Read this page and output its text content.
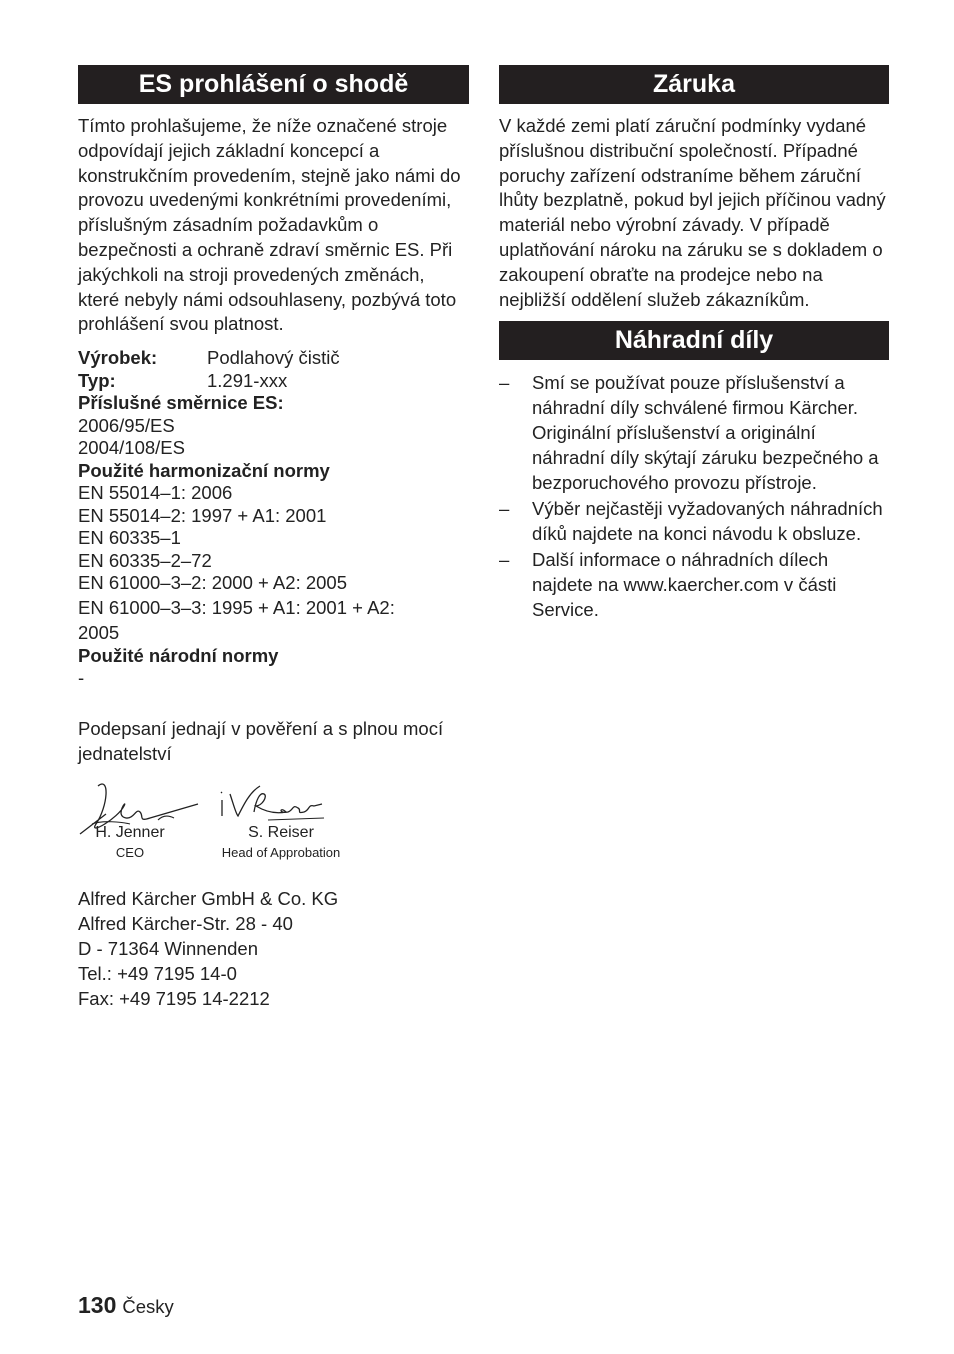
ES prohlášení o shodě

Tímto prohlašujeme, že níže označené stroje odpovídají jejich základní koncepcí a konstrukčním provedením, stejně jako námi do provozu uvedenými konkrétními provedeními, příslušným zásadním požadavkům o bezpečnosti a ochraně zdraví směrnic ES. Při jakýchkoli na stroji provedených změnách, které nebyly námi odsouhlaseny, pozbývá toto prohlášení svou platnost.

Výrobek:	Podlahový čistič
Typ:	1.291-xxx
Příslušné směrnice ES:
2006/95/ES
2004/108/ES
Použité harmonizační normy
EN 55014–1: 2006
EN 55014–2: 1997 + A1: 2001
EN 60335–1
EN 60335–2–72
EN 61000–3–2: 2000 + A2: 2005
EN 61000–3–3: 1995 + A1: 2001 + A2: 2005
Použité národní normy
-
Podepsaní jednají v pověření a s plnou mocí jednatelství
H. Jenner
CEO
S. Reiser
Head of Approbation
Alfred Kärcher GmbH & Co. KG
Alfred Kärcher-Str. 28 - 40
D - 71364 Winnenden
Tel.: +49 7195 14-0
Fax: +49 7195 14-2212
Záruka

V každé zemi platí záruční podmínky vydané příslušnou distribuční společností. Případné poruchy zařízení odstraníme během záruční lhůty bezplatně, pokud byl jejich příčinou vadný materiál nebo výrobní závady. V případě uplatňování nároku na záruku se s dokladem o zakoupení obraťte na prodejce nebo na nejbližší oddělení služeb zákazníkům.

Náhradní díly
– Smí se používat pouze příslušenství a náhradní díly schválené firmou Kärcher. Originální příslušenství a originální náhradní díly skýtají záruku bezpečného a bezporuchového provozu přístroje.
– Výběr nejčastěji vyžadovaných náhradních díků najdete na konci návodu k obsluze.
– Další informace o náhradních dílech najdete na www.kaercher.com v části Service.
130 Česky
